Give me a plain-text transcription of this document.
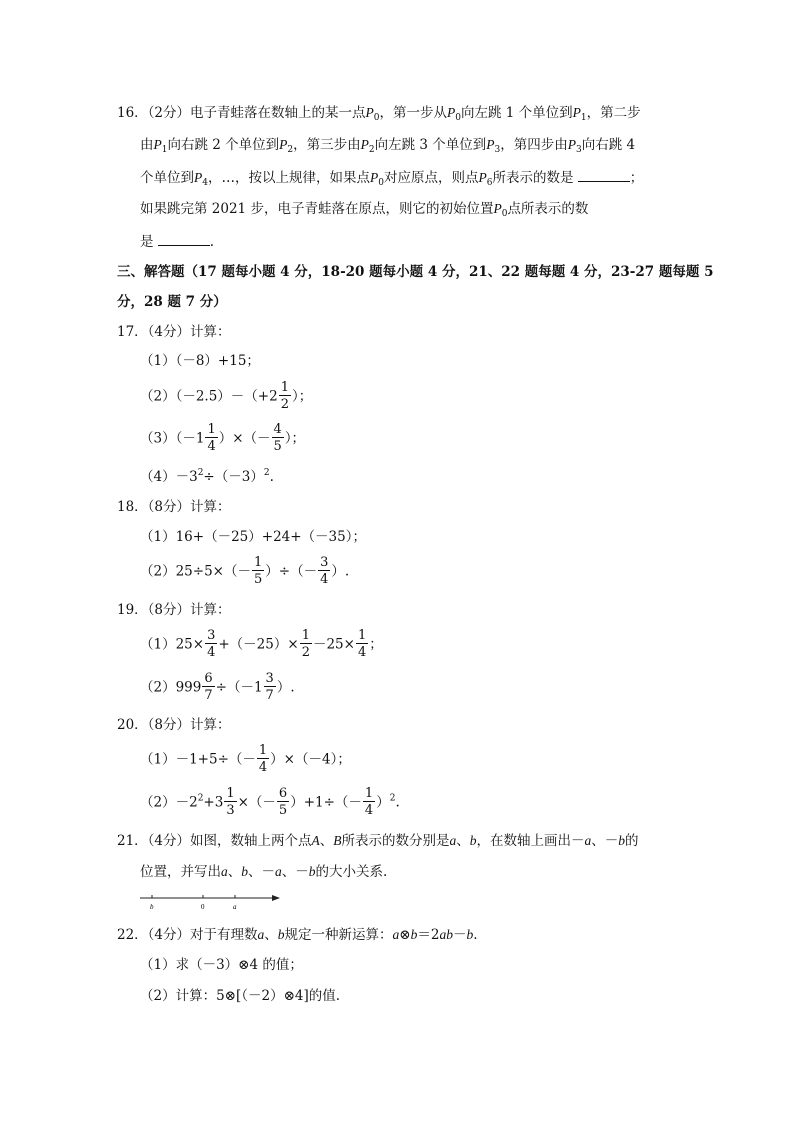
16．（2分）电子青蛙落在数轴上的某一点$P_0$，第一步从$P_0$向左跳 1 个单位到$P_1$，第二步
由$P_1$向右跳 2 个单位到$P_2$，第三步由$P_2$向左跳 3 个单位到$P_3$，第四步由$P_3$向右跳 4
个单位到$P_4$，…，按以上规律，如果点$P_0$对应原点，则点$P_6$所表示的数是	；
如果跳完第 2021 步，电子青蛙落在原点，则它的初始位置$P_0$点所表示的数
是	.
三、解答题（17 题每小题 4 分，18-20 题每小题 4 分，21、22 题每题 4 分，23-27 题每题 5
分，28 题 7 分）
17．（4分）计算：
（1）（－8）+15；
$(2)(-2.5)-(+2 \frac{1}{2}$ ）；
$(3)(-1 \frac{1}{4}$ ）×（－ $\frac{4}{5}$ ）；
$(4)-3^2\div(-3)^2$.
18．（8分）计算：
（1）16+（－25）+24+（－35）；
$(2)25\div 5\times(- \frac{1}{5}$ ）÷（－ $\frac{3}{4}$ ）.
19．（8分）计算：
$(1)25\times \frac{3}{4} +(-25)\times \frac{1}{2} -25\times \frac{1}{4}$ ；
$(2)999 \frac{6}{7} \div(-1 \frac{3}{7}$ ）.
20．（8分）计算：
$(1)-1+5\div(- \frac{1}{4} )\times(-4)$；
$(2)-2^2+3 \frac{1}{3}$ ×（－ $\frac{6}{5} )+1\div(- \frac{1}{4} )^2$.
21．（4分）如图，数轴上两个点A、B所表示的数分别是a、b，在数轴上画出－a、－b的
位置，并写出a、b、－a、－b的大小关系.
b	0	a
22．（4分）对于有理数a、b规定一种新运算：a⊗b＝2ab－b.
（1）求（－3）⊗4 的值；
（2）计算：5⊗[（－2）⊗4]的值.
